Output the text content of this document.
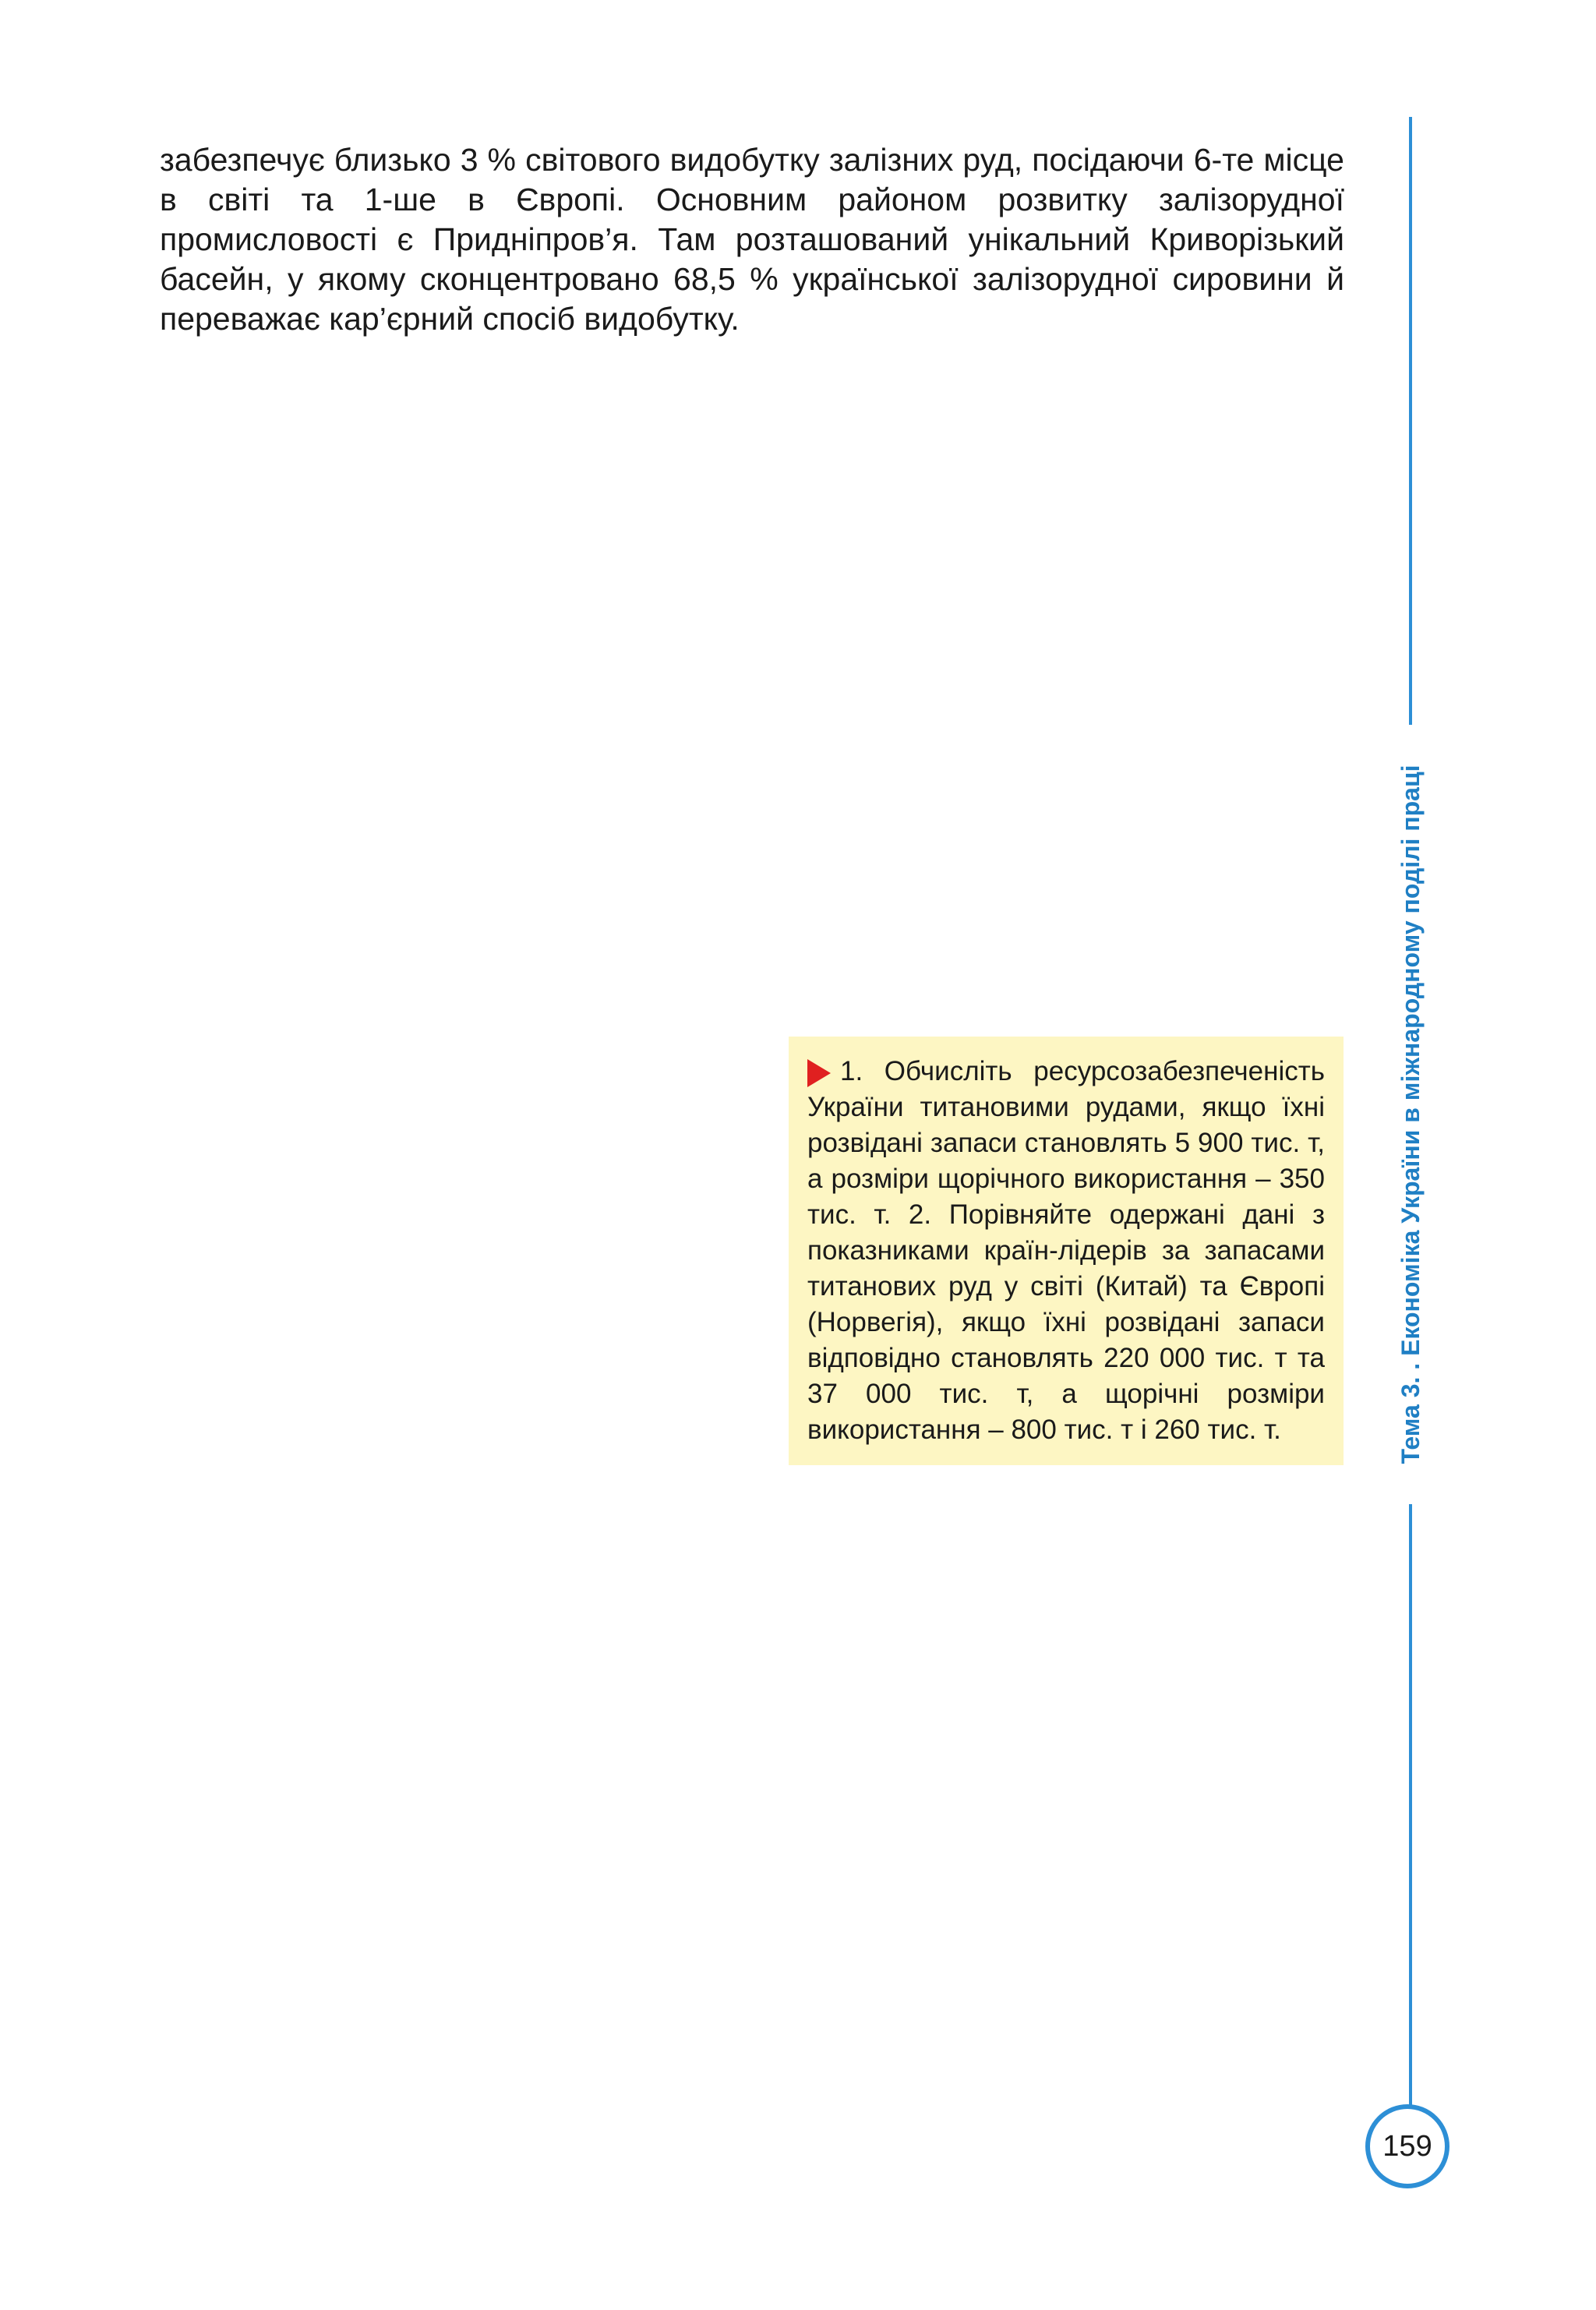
забезпечує близько 3 % світового видобутку залізних руд, посідаючи 6-те місце в світі та 1-ше в Європі. Основним районом розвитку залізорудної промисловості є Придніпров’я. Там розташований унікальний Криворізький басейн, у якому сконцентровано 68,5 % української залізорудної сировини й переважає кар’єрний спосіб видобутку.

1. Обчисліть ресурсозабезпеченість України титановими рудами, якщо їхні розвідані запаси становлять 5 900 тис. т, а розміри щорічного використання – 350 тис. т. 2. Порівняйте одержані дані з показниками країн-лідерів за запасами титанових руд у світі (Китай) та Європі (Норвегія), якщо їхні розвідані запаси відповідно становлять 220 000 тис. т та 37 000 тис. т, а щорічні розміри використання – 800 тис. т і 260 тис. т.	Тема 3. . Економіка України в міжнародному поділі праці
159
